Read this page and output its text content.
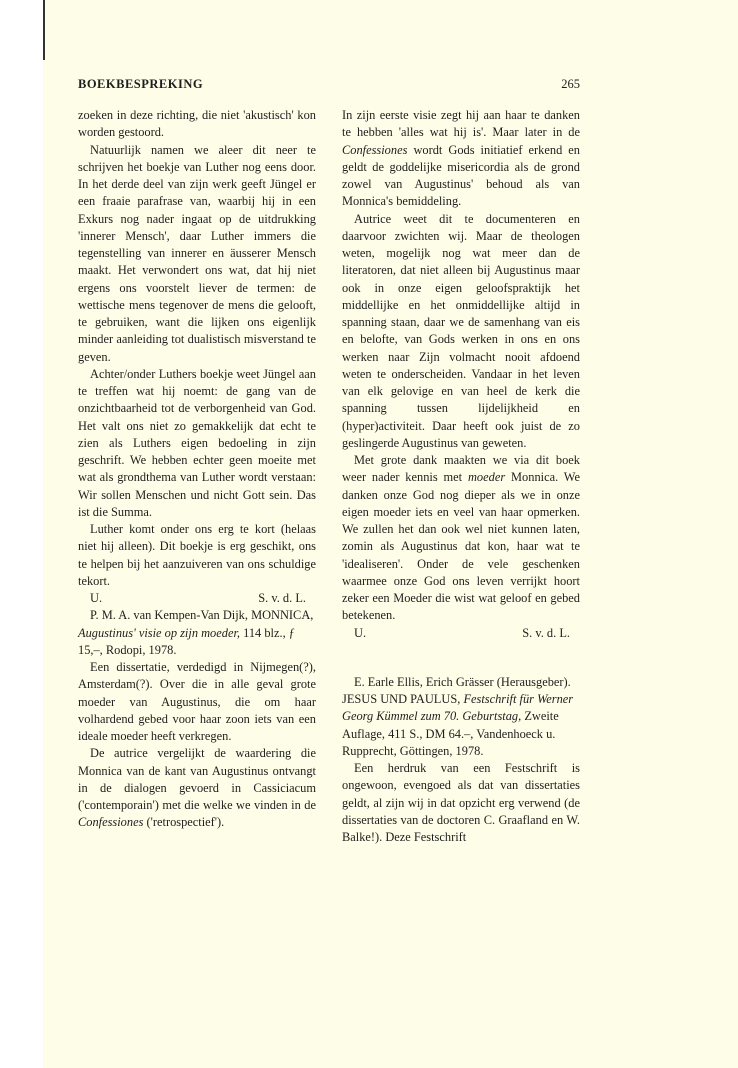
BOEKBESPREKING	265

zoeken in deze richting, die niet 'akustisch' kon worden gestoord.

Natuurlijk namen we aleer dit neer te schrijven het boekje van Luther nog eens door. In het derde deel van zijn werk geeft Jüngel er een fraaie parafrase van, waarbij hij in een Exkurs nog nader ingaat op de uitdrukking 'innerer Mensch', daar Luther immers die tegenstelling van innerer en äusserer Mensch maakt. Het verwondert ons wat, dat hij niet ergens ons voorstelt liever de termen: de wettische mens tegenover de mens die gelooft, te gebruiken, want die lijken ons eigenlijk minder aanleiding tot dualistisch misverstand te geven.

Achter/onder Luthers boekje weet Jüngel aan te treffen wat hij noemt: de gang van de onzichtbaarheid tot de verborgenheid van God. Het valt ons niet zo gemakkelijk dat echt te zien als Luthers eigen bedoeling in zijn geschrift. We hebben echter geen moeite met wat als grondthema van Luther wordt verstaan: Wir sollen Menschen und nicht Gott sein. Das ist die Summa.

Luther komt onder ons erg te kort (helaas niet hij alleen). Dit boekje is erg geschikt, ons te helpen bij het aanzuiveren van ons schuldige tekort.

U.	S. v. d. L.

P. M. A. van Kempen-Van Dijk, MONNICA, Augustinus' visie op zijn moeder, 114 blz., ƒ 15,–, Rodopi, 1978.

Een dissertatie, verdedigd in Nijmegen(?), Amsterdam(?). Over die in alle geval grote moeder van Augustinus, die om haar volhardend gebed voor haar zoon iets van een ideale moeder heeft verkregen.

De autrice vergelijkt de waardering die Monnica van de kant van Augustinus ontvangt in de dialogen gevoerd in Cassiciacum ('contemporain') met die welke we vinden in de Confessiones ('retrospectief').

In zijn eerste visie zegt hij aan haar te danken te hebben 'alles wat hij is'. Maar later in de Confessiones wordt Gods initiatief erkend en geldt de goddelijke misericordia als de grond zowel van Augustinus' behoud als van Monnica's bemiddeling.

Autrice weet dit te documenteren en daarvoor zwichten wij. Maar de theologen weten, mogelijk nog wat meer dan de literatoren, dat niet alleen bij Augustinus maar ook in onze eigen geloofspraktijk het middellijke en het onmiddellijke altijd in spanning staan, daar we de samenhang van eis en belofte, van Gods werken in ons en ons werken naar Zijn volmacht nooit afdoend weten te onderscheiden. Vandaar in het leven van elk gelovige en van heel de kerk die spanning tussen lijdelijkheid en (hyper)activiteit. Daar heeft ook juist de zo geslingerde Augustinus van geweten.

Met grote dank maakten we via dit boek weer nader kennis met moeder Monnica. We danken onze God nog dieper als we in onze eigen moeder iets en veel van haar opmerken. We zullen het dan ook wel niet kunnen laten, zomin als Augustinus dat kon, haar wat te 'idealiseren'. Onder de vele geschenken waarmee onze God ons leven verrijkt hoort zeker een Moeder die wist wat geloof en gebed betekenen.

U.	S. v. d. L.

E. Earle Ellis, Erich Grässer (Herausgeber). JESUS UND PAULUS, Festschrift für Werner Georg Kümmel zum 70. Geburtstag, Zweite Auflage, 411 S., DM 64.–, Vandenhoeck u. Rupprecht, Göttingen, 1978.

Een herdruk van een Festschrift is ongewoon, evengoed als dat van dissertaties geldt, al zijn wij in dat opzicht erg verwend (de dissertaties van de doctoren C. Graafland en W. Balke!). Deze Festschrift
